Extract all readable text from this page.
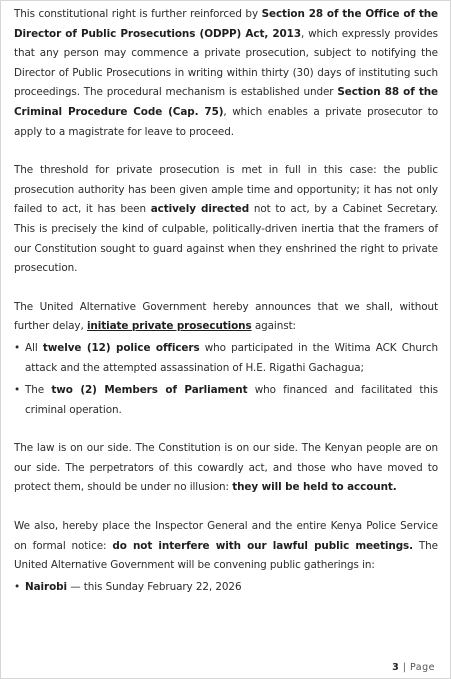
This constitutional right is further reinforced by Section 28 of the Office of the Director of Public Prosecutions (ODPP) Act, 2013, which expressly provides that any person may commence a private prosecution, subject to notifying the Director of Public Prosecutions in writing within thirty (30) days of instituting such proceedings. The procedural mechanism is established under Section 88 of the Criminal Procedure Code (Cap. 75), which enables a private prosecutor to apply to a magistrate for leave to proceed.

The threshold for private prosecution is met in full in this case: the public prosecution authority has been given ample time and opportunity; it has not only failed to act, it has been actively directed not to act, by a Cabinet Secretary. This is precisely the kind of culpable, politically-driven inertia that the framers of our Constitution sought to guard against when they enshrined the right to private prosecution.

The United Alternative Government hereby announces that we shall, without further delay, initiate private prosecutions against:

• All twelve (12) police officers who participated in the Witima ACK Church attack and the attempted assassination of H.E. Rigathi Gachagua;
• The two (2) Members of Parliament who financed and facilitated this criminal operation.

The law is on our side. The Constitution is on our side. The Kenyan people are on our side. The perpetrators of this cowardly act, and those who have moved to protect them, should be under no illusion: they will be held to account.

We also, hereby place the Inspector General and the entire Kenya Police Service on formal notice: do not interfere with our lawful public meetings. The United Alternative Government will be convening public gatherings in:

• Nairobi — this Sunday February 22, 2026
3 | Page
